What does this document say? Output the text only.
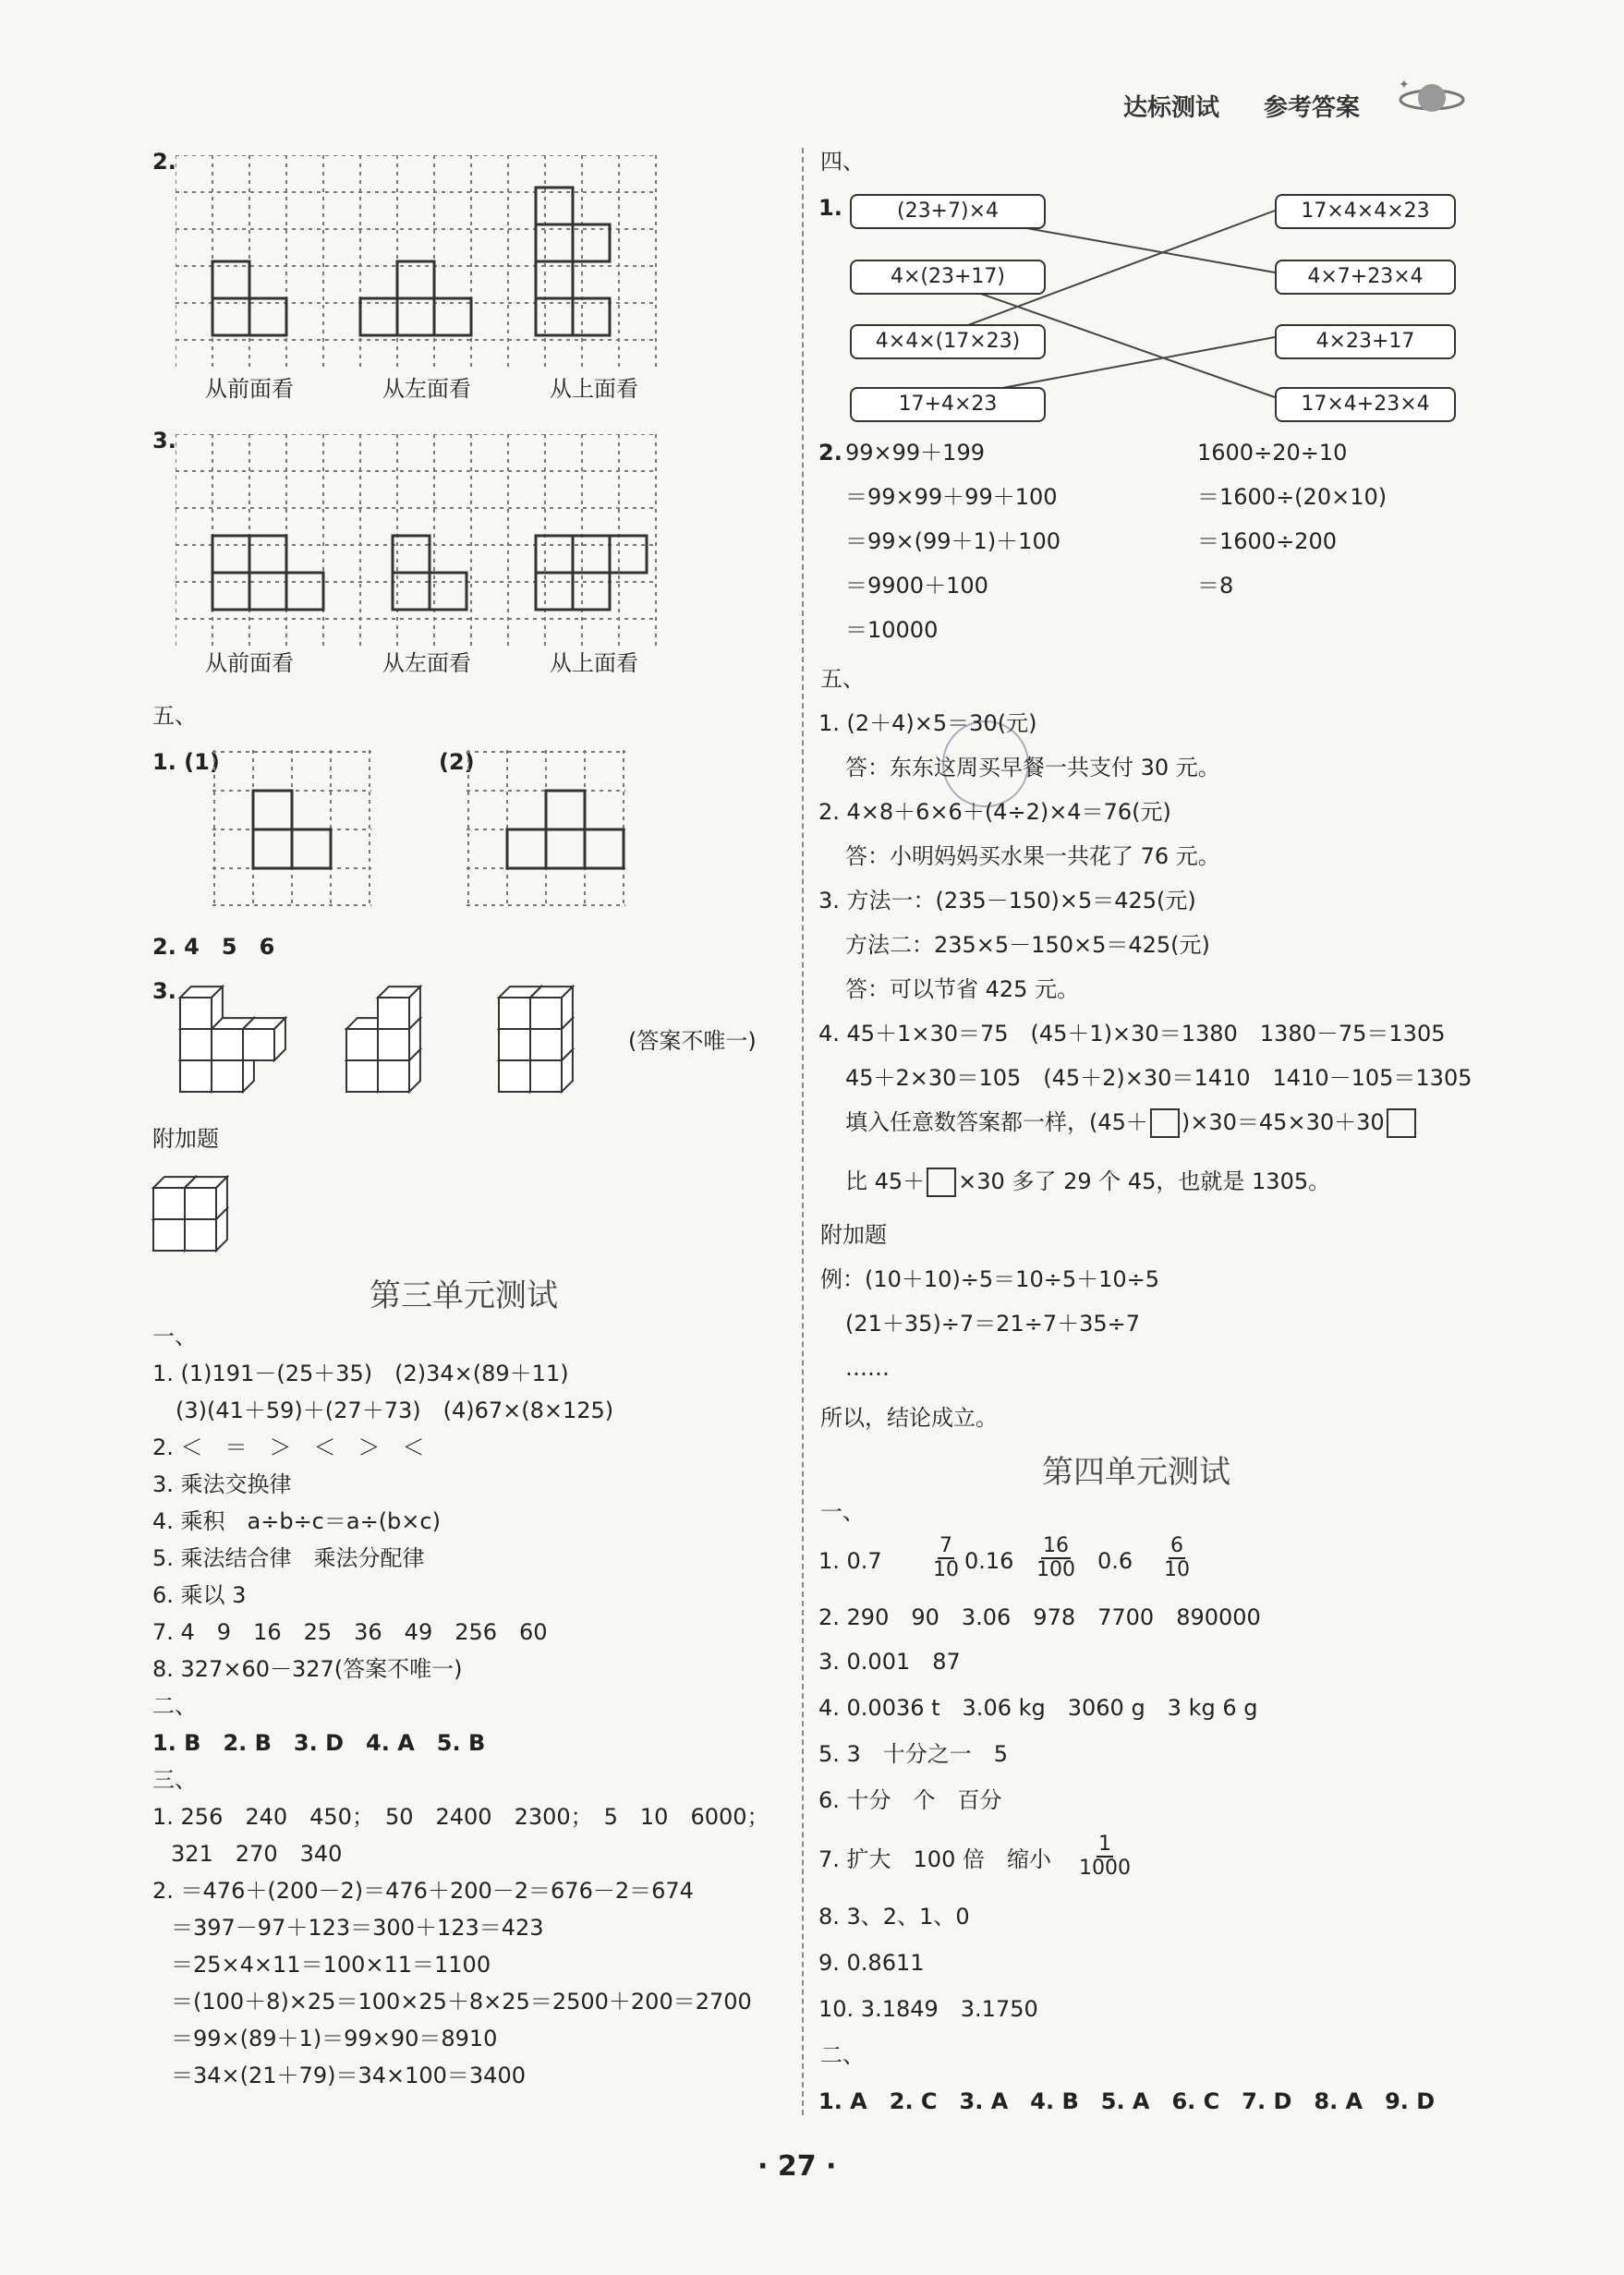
达标测试 参考答案
✦
2.
从前面看	从左面看	从上面看
3.
从前面看	从左面看	从上面看
五、
1. (1)	(2)
2. 4　5　6
3.
(答案不唯一)
附加题
第三单元测试
一、
1. (1)191－(25＋35)　(2)34×(89＋11)
(3)(41＋59)＋(27＋73)　(4)67×(8×125)
2. ＜　＝　＞　＜　＞　＜
3. 乘法交换律
4. 乘积　a÷b÷c＝a÷(b×c)
5. 乘法结合律　乘法分配律
6. 乘以 3
7. 4　9　16　25　36　49　256　60
8. 327×60－327(答案不唯一)
二、
1. B　2. B　3. D　4. A　5. B
三、
1. 256　240　450；　50　2400　2300；　5　10　6000；
321　270　340
2. ＝476＋(200－2)＝476＋200－2＝676－2＝674
＝397－97＋123＝300＋123＝423
＝25×4×11＝100×11＝1100
＝(100＋8)×25＝100×25＋8×25＝2500＋200＝2700
＝99×(89＋1)＝99×90＝8910
＝34×(21＋79)＝34×100＝3400
四、
1.	(23+7)×4
4×(23+17)
4×4×(17×23)
17+4×23
17×4×4×23
4×7+23×4
4×23+17
17×4+23×4
2. 99×99＋199
＝99×99＋99＋100
＝99×(99＋1)＋100
＝9900＋100
＝10000
1600÷20÷10
＝1600÷(20×10)
＝1600÷200
＝8
五、
1. (2＋4)×5＝30(元)
答：东东这周买早餐一共支付 30 元。
2. 4×8＋6×6＋(4÷2)×4＝76(元)
答：小明妈妈买水果一共花了 76 元。
3. 方法一：(235－150)×5＝425(元)
方法二：235×5－150×5＝425(元)
答：可以节省 425 元。
4. 45＋1×30＝75　(45＋1)×30＝1380　1380－75＝1305
45＋2×30＝105　(45＋2)×30＝1410　1410－105＝1305
填入任意数答案都一样，(45＋ )×30＝45×30＋30
比 45＋ ×30 多了 29 个 45，也就是 1305。
附加题
例：(10＋10)÷5＝10÷5＋10÷5
(21＋35)÷7＝21÷7＋35÷7
……
所以，结论成立。
第四单元测试
一、
1. 0.7	$\frac{7}{10} 0.16 \frac{16}{100} 0.6 \frac{6}{10}$
2. 290　90　3.06　978　7700　890000
3. 0.001　87
4. 0.0036 t　3.06 kg　3060 g　3 kg 6 g
5. 3　十分之一　5
6. 十分　个　百分
7. 扩大　100 倍　缩小 $\frac{1}{1000}$
8. 3、2、1、0
9. 0.8611
10. 3.1849　3.1750
二、
1. A　2. C　3. A　4. B　5. A　6. C　7. D　8. A　9. D
· 27 ·
